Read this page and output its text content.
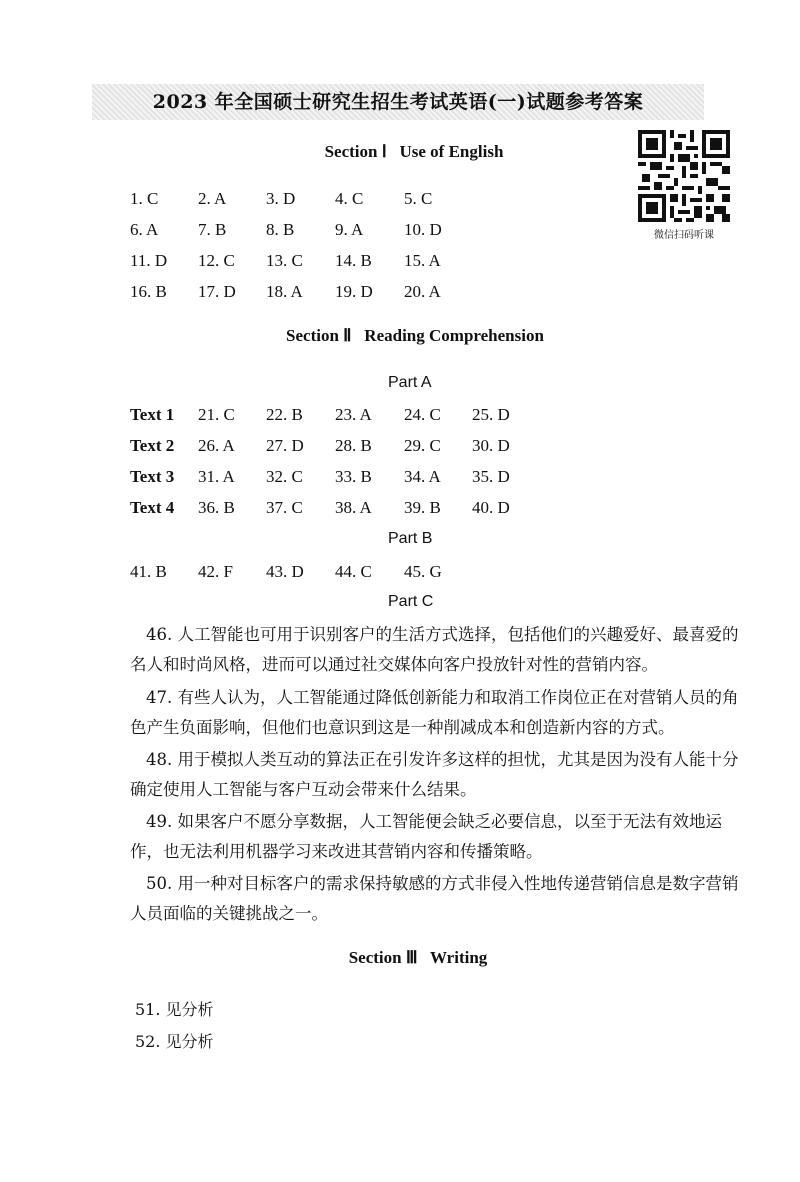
2023 年全国硕士研究生招生考试英语(一)试题参考答案
Section Ⅰ   Use of English
微信扫码听课
1. C 2. A 3. D 4. C 5. C
6. A 7. B 8. B 9. A 10. D
11. D 12. C 13. C 14. B 15. A
16. B 17. D 18. A 19. D 20. A
Section Ⅱ   Reading Comprehension
Part A
Text 1 21. C 22. B 23. A 24. C 25. D
Text 2 26. A 27. D 28. B 29. C 30. D
Text 3 31. A 32. C 33. B 34. A 35. D
Text 4 36. B 37. C 38. A 39. B 40. D
Part B
41. B 42. F 43. D 44. C 45. G
Part C

46. 人工智能也可用于识别客户的生活方式选择，包括他们的兴趣爱好、最喜爱的名人和时尚风格，进而可以通过社交媒体向客户投放针对性的营销内容。

47. 有些人认为，人工智能通过降低创新能力和取消工作岗位正在对营销人员的角色产生负面影响，但他们也意识到这是一种削减成本和创造新内容的方式。

48. 用于模拟人类互动的算法正在引发许多这样的担忧，尤其是因为没有人能十分确定使用人工智能与客户互动会带来什么结果。

49. 如果客户不愿分享数据，人工智能便会缺乏必要信息，以至于无法有效地运作，也无法利用机器学习来改进其营销内容和传播策略。

50. 用一种对目标客户的需求保持敏感的方式非侵入性地传递营销信息是数字营销人员面临的关键挑战之一。

Section Ⅲ   Writing
51. 见分析
52. 见分析
